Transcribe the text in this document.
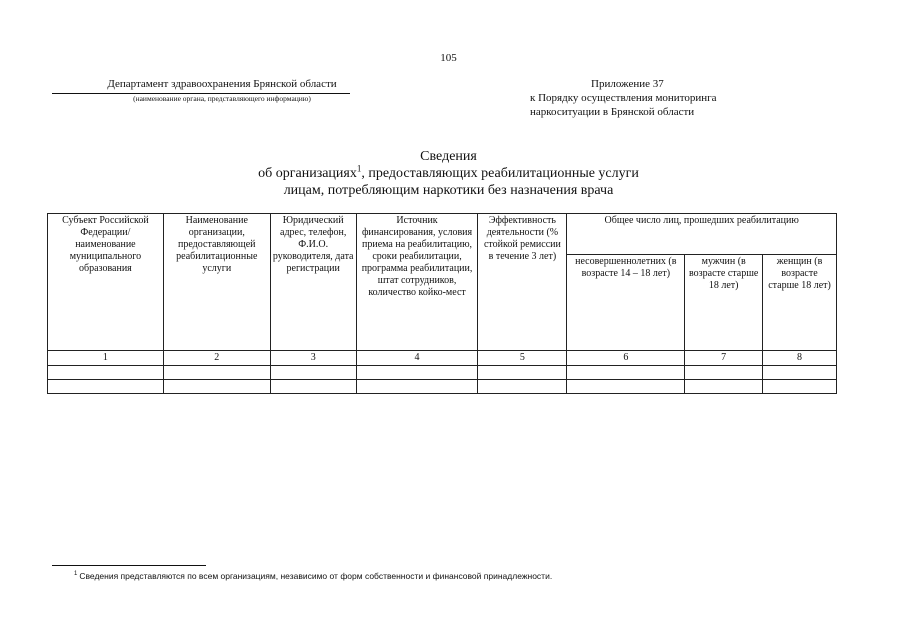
105
Департамент здравоохранения Брянской области
(наименование органа, представляющего информацию)
Приложение 37
к Порядку осуществления мониторинга
наркоситуации в Брянской области
Сведения
об организациях$^1$, предоставляющих реабилитационные услуги
лицам, потребляющим наркотики без назначения врача
Субъект Российской Федерации/ наименование муниципального образования	Наименование организации, предоставляющей реабилитационные услуги	Юридический адрес, телефон, Ф.И.О. руководителя, дата регистрации	Источник финансирования, условия приема на реабилитацию, сроки реабилитации, программа реабилитации, штат сотрудников, количество койко-мест	Эффективность деятельности (% стойкой ремиссии в течение 3 лет)	Общее число лиц, прошедших реабилитацию		
					несовершеннолетних (в возрасте 14 – 18 лет)	мужчин (в возрасте старше 18 лет)	женщин (в возрасте старше 18 лет)
1	2	3	4	5	6	7	8

$^1$ Сведения представляются по всем организациям, независимо от форм собственности и финансовой принадлежности.
